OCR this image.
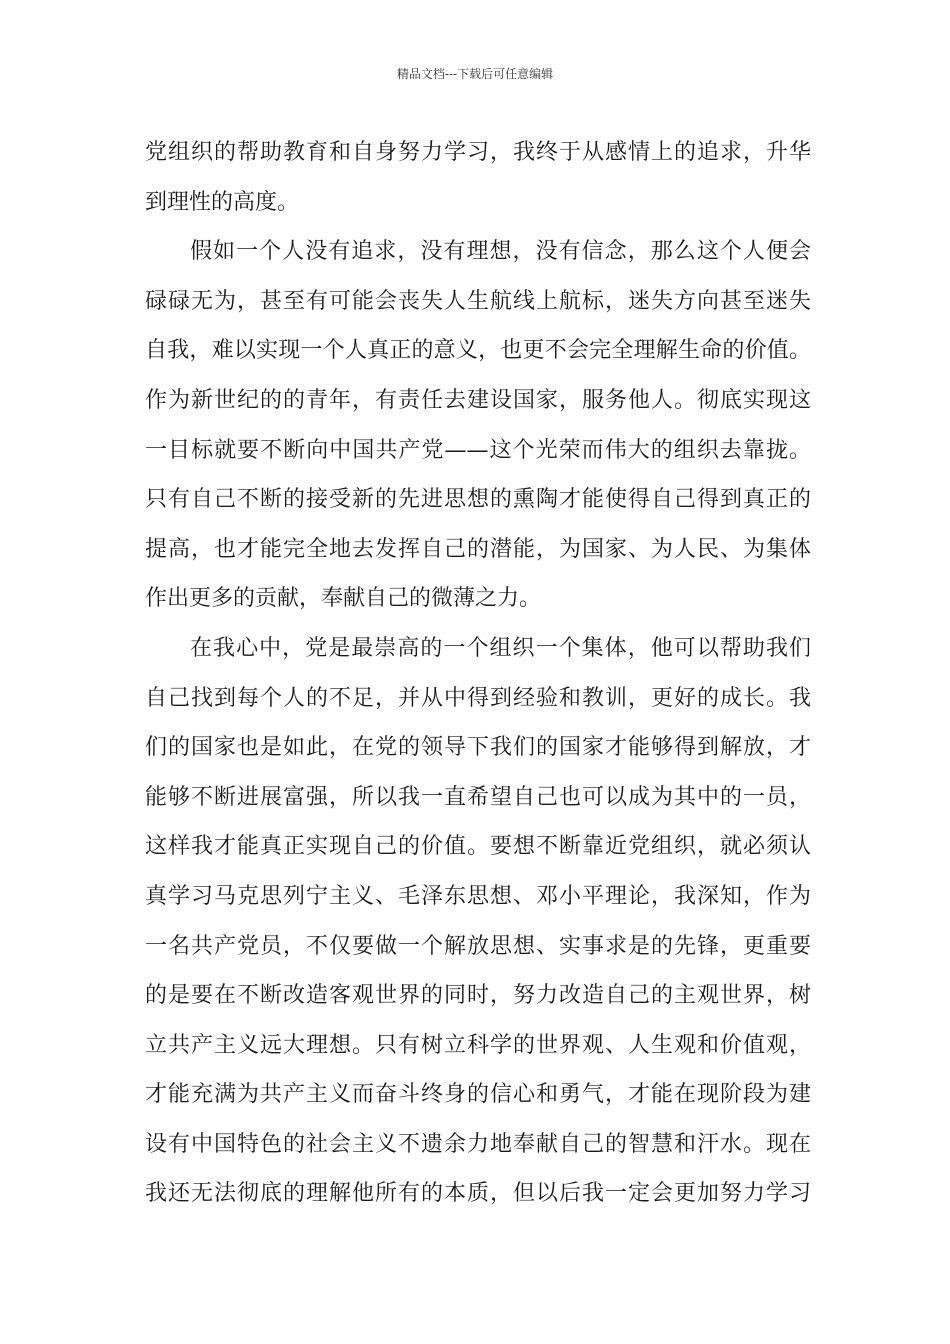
精品文档---下载后可任意编辑
党组织的帮助教育和自身努力学习，我终于从感情上的追求，升华
到理性的高度。
假如一个人没有追求，没有理想，没有信念，那么这个人便会
碌碌无为，甚至有可能会丧失人生航线上航标，迷失方向甚至迷失
自我，难以实现一个人真正的意义，也更不会完全理解生命的价值。
作为新世纪的的青年，有责任去建设国家，服务他人。彻底实现这
一目标就要不断向中国共产党——这个光荣而伟大的组织去靠拢。
只有自己不断的接受新的先进思想的熏陶才能使得自己得到真正的
提高，也才能完全地去发挥自己的潜能，为国家、为人民、为集体
作出更多的贡献，奉献自己的微薄之力。
在我心中，党是最崇高的一个组织一个集体，他可以帮助我们
自己找到每个人的不足，并从中得到经验和教训，更好的成长。我
们的国家也是如此，在党的领导下我们的国家才能够得到解放，才
能够不断进展富强，所以我一直希望自己也可以成为其中的一员，
这样我才能真正实现自己的价值。要想不断靠近党组织，就必须认
真学习马克思列宁主义、毛泽东思想、邓小平理论，我深知，作为
一名共产党员，不仅要做一个解放思想、实事求是的先锋，更重要
的是要在不断改造客观世界的同时，努力改造自己的主观世界，树
立共产主义远大理想。只有树立科学的世界观、人生观和价值观，
才能充满为共产主义而奋斗终身的信心和勇气，才能在现阶段为建
设有中国特色的社会主义不遗余力地奉献自己的智慧和汗水。现在
我还无法彻底的理解他所有的本质，但以后我一定会更加努力学习
